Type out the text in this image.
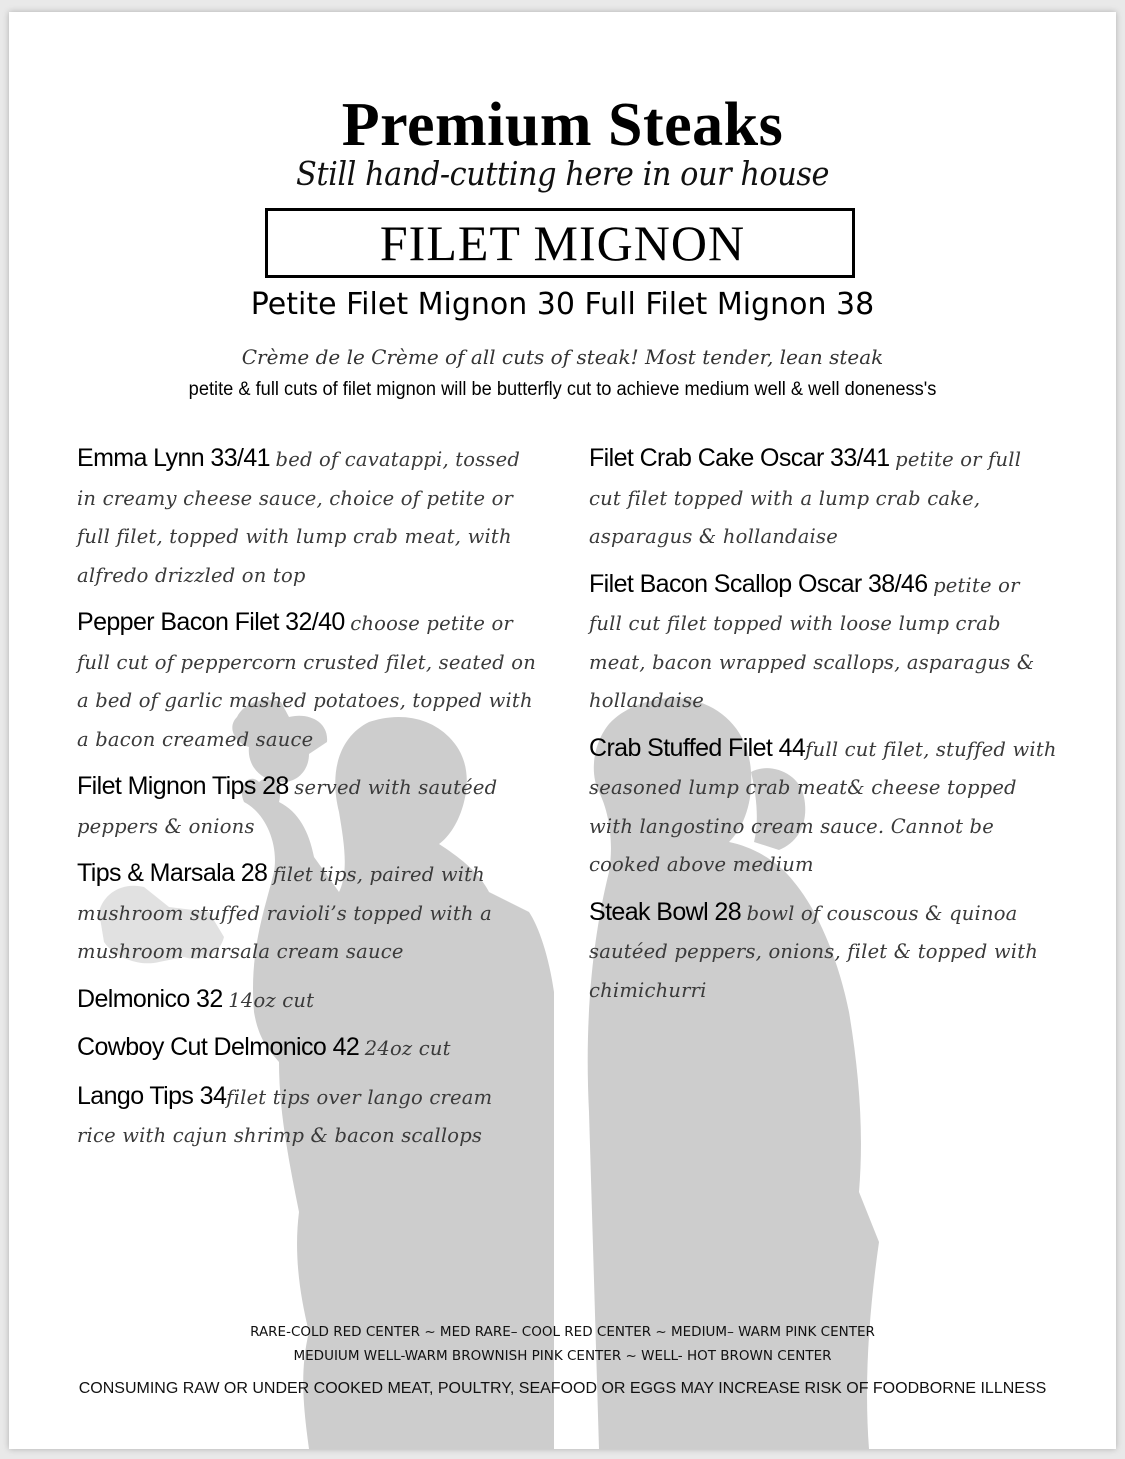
Premium Steaks
Still hand-cutting here in our house
FILET MIGNON
Petite Filet Mignon 30 Full Filet Mignon 38
Crème de le Crème of all cuts of steak! Most tender, lean steak
petite & full cuts of filet mignon will be butterfly cut to achieve medium well & well doneness's
Emma Lynn 33/41 bed of cavatappi, tossed in creamy cheese sauce, choice of petite or full filet, topped with lump crab meat, with alfredo drizzled on top
Pepper Bacon Filet 32/40 choose petite or full cut of peppercorn crusted filet, seated on a bed of garlic mashed potatoes, topped with a bacon creamed sauce
Filet Mignon Tips 28 served with sautéed peppers & onions
Tips & Marsala 28 filet tips, paired with mushroom stuffed ravioli’s topped with a mushroom marsala cream sauce
Delmonico 32 14oz cut
Cowboy Cut Delmonico 42 24oz cut
Lango Tips 34filet tips over lango cream rice with cajun shrimp & bacon scallops
Filet Crab Cake Oscar 33/41 petite or full cut filet topped with a lump crab cake, asparagus & hollandaise
Filet Bacon Scallop Oscar 38/46 petite or full cut filet topped with loose lump crab meat, bacon wrapped scallops, asparagus & hollandaise
Crab Stuffed Filet 44full cut filet, stuffed with seasoned lump crab meat& cheese topped with langostino cream sauce. Cannot be cooked above medium
Steak Bowl 28 bowl of couscous & quinoa sautéed peppers, onions, filet & topped with chimichurri
RARE-COLD RED CENTER ~ MED RARE– COOL RED CENTER ~ MEDIUM– WARM PINK CENTER
MEDUIUM WELL-WARM BROWNISH PINK CENTER ~ WELL- HOT BROWN CENTER
CONSUMING RAW OR UNDER COOKED MEAT, POULTRY, SEAFOOD OR EGGS MAY INCREASE RISK OF FOODBORNE ILLNESS
